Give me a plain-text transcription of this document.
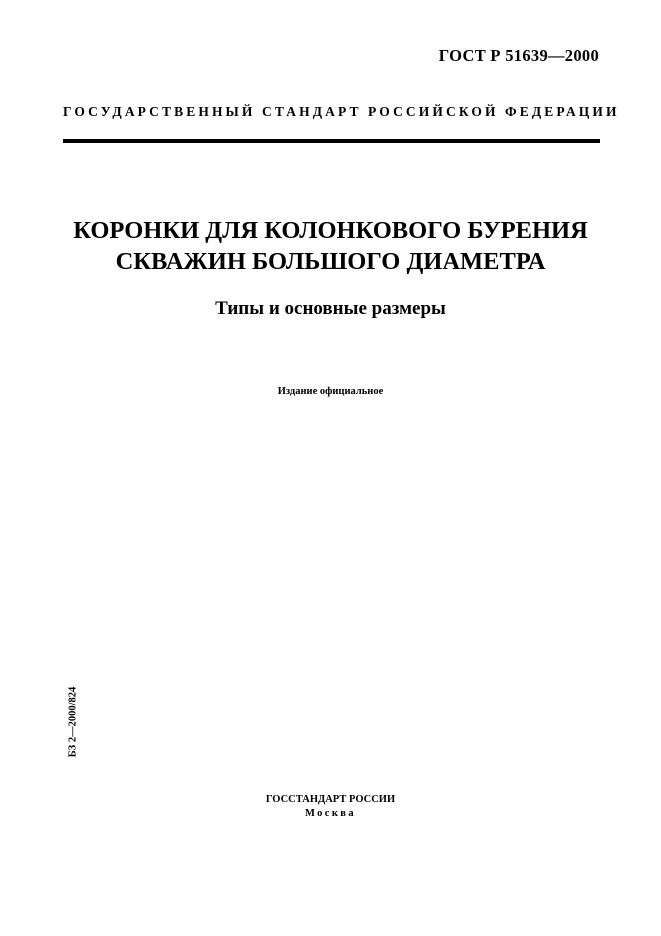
ГОСТ Р 51639—2000
ГОСУДАРСТВЕННЫЙ СТАНДАРТ РОССИЙСКОЙ ФЕДЕРАЦИИ
КОРОНКИ ДЛЯ КОЛОНКОВОГО БУРЕНИЯ
СКВАЖИН БОЛЬШОГО ДИАМЕТРА
Типы и основные размеры
Издание официальное
БЗ 2—2000/824
ГОССТАНДАРТ РОССИИ
Москва
